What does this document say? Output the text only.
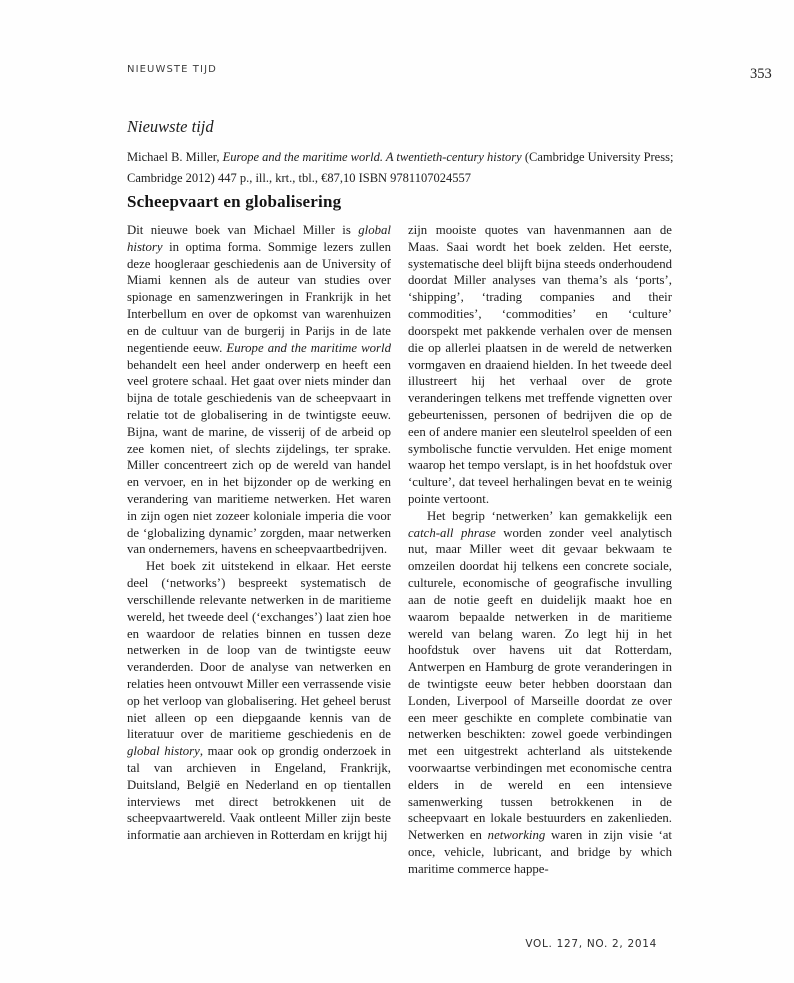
NIEUWSTE TIJD	353
Nieuwste tijd
Michael B. Miller, Europe and the maritime world. A twentieth-century history (Cambridge University Press; Cambridge 2012) 447 p., ill., krt., tbl., €87,10 ISBN 9781107024557
Scheepvaart en globalisering

Dit nieuwe boek van Michael Miller is global history in optima forma. Sommige lezers zullen deze hoogleraar geschiedenis aan de University of Miami kennen als de auteur van studies over spionage en samenzweringen in Frankrijk in het Interbellum en over de opkomst van warenhuizen en de cultuur van de burgerij in Parijs in de late negentiende eeuw. Europe and the maritime world behandelt een heel ander onderwerp en heeft een veel grotere schaal. Het gaat over niets minder dan bijna de totale geschiedenis van de scheepvaart in relatie tot de globalisering in de twintigste eeuw. Bijna, want de marine, de visserij of de arbeid op zee komen niet, of slechts zijdelings, ter sprake. Miller concentreert zich op de wereld van handel en vervoer, en in het bijzonder op de werking en verandering van maritieme netwerken. Het waren in zijn ogen niet zozeer koloniale imperia die voor de ‘globalizing dynamic’ zorgden, maar netwerken van ondernemers, havens en scheepvaartbedrijven.

Het boek zit uitstekend in elkaar. Het eerste deel (‘networks’) bespreekt systematisch de verschillende relevante netwerken in de maritieme wereld, het tweede deel (‘exchanges’) laat zien hoe en waardoor de relaties binnen en tussen deze netwerken in de loop van de twintigste eeuw veranderden. Door de analyse van netwerken en relaties heen ontvouwt Miller een verrassende visie op het verloop van globalisering. Het geheel berust niet alleen op een diepgaande kennis van de literatuur over de maritieme geschiedenis en de global history, maar ook op grondig onderzoek in tal van archieven in Engeland, Frankrijk, Duitsland, België en Nederland en op tientallen interviews met direct betrokkenen uit de scheepvaartwereld. Vaak ontleent Miller zijn beste informatie aan archieven in Rotterdam en krijgt hij

zijn mooiste quotes van havenmannen aan de Maas. Saai wordt het boek zelden. Het eerste, systematische deel blijft bijna steeds onderhoudend doordat Miller analyses van thema’s als ‘ports’, ‘shipping’, ‘trading companies and their commodities’, ‘commodities’ en ‘culture’ doorspekt met pakkende verhalen over de mensen die op allerlei plaatsen in de wereld de netwerken vormgaven en draaiend hielden. In het tweede deel illustreert hij het verhaal over de grote veranderingen telkens met treffende vignetten over gebeurtenissen, personen of bedrijven die op de een of andere manier een sleutelrol speelden of een symbolische functie vervulden. Het enige moment waarop het tempo verslapt, is in het hoofdstuk over ‘culture’, dat teveel herhalingen bevat en te weinig pointe vertoont.

Het begrip ‘netwerken’ kan gemakkelijk een catch-all phrase worden zonder veel analytisch nut, maar Miller weet dit gevaar bekwaam te omzeilen doordat hij telkens een concrete sociale, culturele, economische of geografische invulling aan de notie geeft en duidelijk maakt hoe en waarom bepaalde netwerken in de maritieme wereld van belang waren. Zo legt hij in het hoofdstuk over havens uit dat Rotterdam, Antwerpen en Hamburg de grote veranderingen in de twintigste eeuw beter hebben doorstaan dan Londen, Liverpool of Marseille doordat ze over een meer geschikte en complete combinatie van netwerken beschikten: zowel goede verbindingen met een uitgestrekt achterland als uitstekende voorwaartse verbindingen met economische centra elders in de wereld en een intensieve samenwerking tussen betrokkenen in de scheepvaart en lokale bestuurders en zakenlieden. Netwerken en networking waren in zijn visie ‘at once, vehicle, lubricant, and bridge by which maritime commerce happe-

VOL. 127, NO. 2, 2014
